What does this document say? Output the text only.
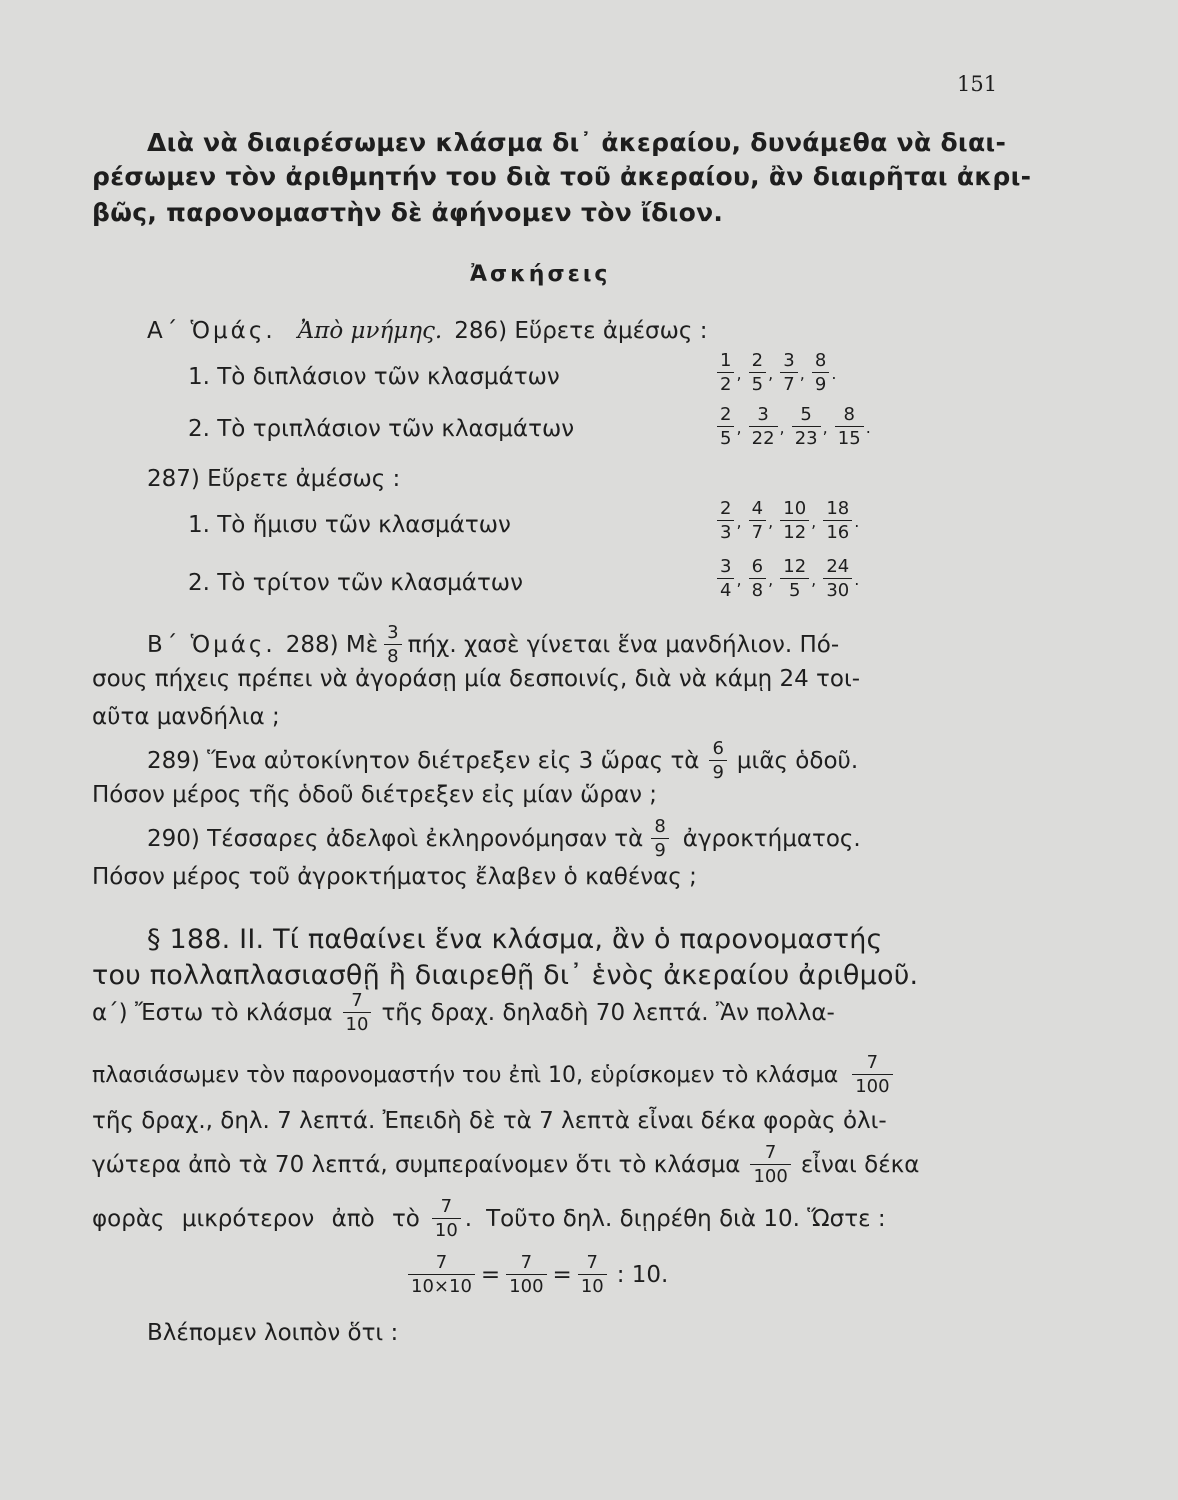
151
Διὰ νὰ διαιρέσωμεν κλάσμα δι᾽ ἀκεραίου, δυνάμεθα νὰ διαι-
ρέσωμεν τὸν ἀριθμητήν του διὰ τοῦ ἀκεραίου, ἂν διαιρῆται ἀκρι-
βῶς, παρονομαστὴν δὲ ἀφήνομεν τὸν ἴδιον.
Ἀσκήσεις
Α΄ Ὁμάς. Ἀπὸ μνήμης. 286) Εὕρετε ἀμέσως :
1. Τὸ διπλάσιον τῶν κλασμάτων	$\frac{1}{2}$ , $\frac{2}{5}$ , $\frac{3}{7}$ , $\frac{8}{9}$ .
2. Τὸ τριπλάσιον τῶν κλασμάτων	$\frac{2}{5}$ , $\frac{3}{22}$ , $\frac{5}{23}$ , $\frac{8}{15}$ .
287) Εὕρετε ἀμέσως :
1. Τὸ ἥμισυ τῶν κλασμάτων	$\frac{2}{3}$ , $\frac{4}{7}$ , $\frac{10}{12}$ , $\frac{18}{16}$ .
2. Τὸ τρίτον τῶν κλασμάτων	$\frac{3}{4}$ , $\frac{6}{8}$ , $\frac{12}{5}$ , $\frac{24}{30}$ .
Β΄ Ὁμάς. 288) Μὲ $\frac{3}{8} \pi ή\chi$. χασὲ γίνεται ἕνα μανδήλιον. Πό-
σους πήχεις πρέπει νὰ ἀγοράσῃ μία δεσποινίς, διὰ νὰ κάμῃ 24 τοι-
αῦτα μανδήλια ;
289) Ἕνα αὐτοκίνητον διέτρεξεν εἰς 3 ὥρας τὰ $\frac{6}{9}$ μιᾶς ὁδοῦ.
Πόσον μέρος τῆς ὁδοῦ διέτρεξεν εἰς μίαν ὥραν ;
290) Τέσσαρες ἀδελφοὶ ἐκληρονόμησαν τὰ $\frac{8}{9}$ ἀγροκτήματος.
Πόσον μέρος τοῦ ἀγροκτήματος ἔλαβεν ὁ καθένας ;
§ 188. ΙΙ. Τί παθαίνει ἕνα κλάσμα, ἂν ὁ παρονομαστής
του πολλαπλασιασθῇ ἢ διαιρεθῇ δι᾽ ἑνὸς ἀκεραίου ἀριθμοῦ.
α΄) Ἔστω τὸ κλάσμα $\frac{7}{10}$ τῆς δραχ. δηλαδὴ 70 λεπτά. Ἂν πολλα-
πλασιάσωμεν τὸν παρονομαστήν του ἐπὶ 10, εὑρίσκομεν τὸ κλάσμα $\frac{7}{100}$
τῆς δραχ., δηλ. 7 λεπτά. Ἐπειδὴ δὲ τὰ 7 λεπτὰ εἶναι δέκα φορὰς ὀλι-
γώτερα ἀπὸ τὰ 70 λεπτά, συμπεραίνομεν ὅτι τὸ κλάσμα $\frac{7}{100}$ εἶναι δέκα
φορὰς μικρότερον ἀπὸ τὸ $\frac{7}{10}$ . Τοῦτο δηλ. διῃρέθη διὰ 10. Ὥστε :
$\frac{7}{10\times 10} = \frac{7}{100} = \frac{7}{10}$ : 10.
Βλέπομεν λοιπὸν ὅτι :
